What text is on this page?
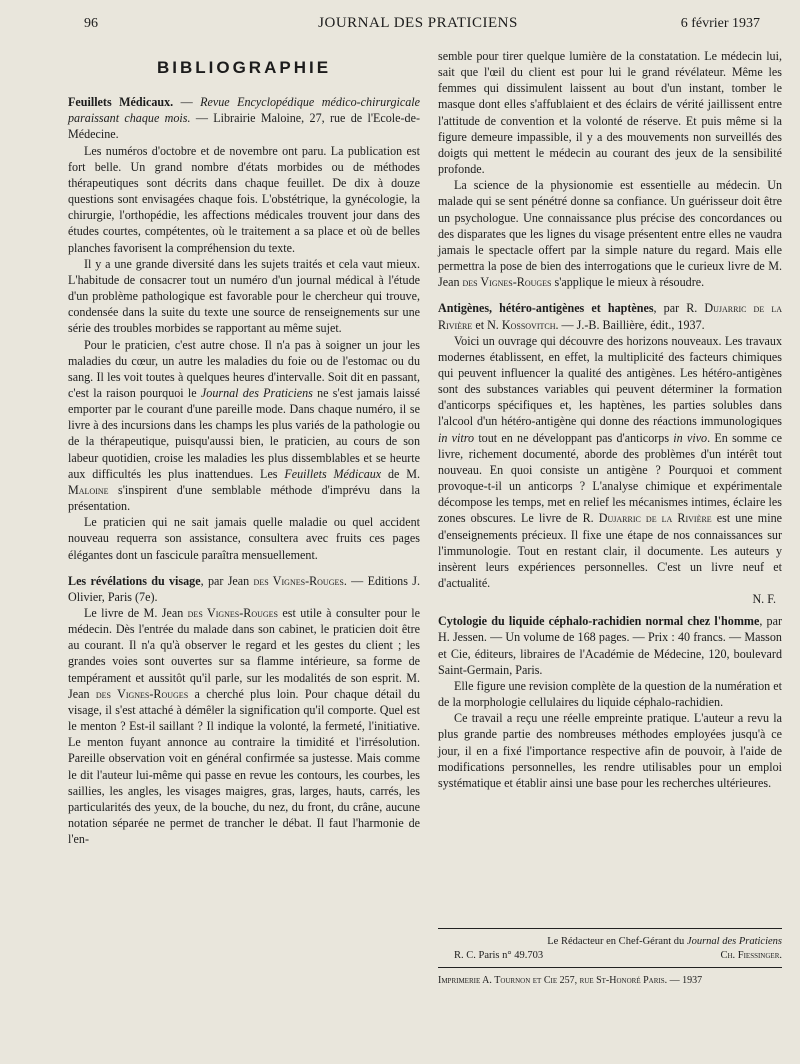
96	JOURNAL DES PRATICIENS	6 février 1937
BIBLIOGRAPHIE

Feuillets Médicaux. — Revue Encyclopédique médico-chirurgicale paraissant chaque mois. — Librairie Maloine, 27, rue de l'Ecole-de-Médecine.

Les numéros d'octobre et de novembre ont paru. La publication est fort belle. Un grand nombre d'états morbides ou de méthodes thérapeutiques sont décrits dans chaque feuillet. De dix à douze questions sont envisagées chaque fois. L'obstétrique, la gynécologie, la chirurgie, l'orthopédie, les affections médicales trouvent jour dans des études courtes, compétentes, où le traitement a sa place et où de belles planches favorisent la compréhension du texte.

Il y a une grande diversité dans les sujets traités et cela vaut mieux. L'habitude de consacrer tout un numéro d'un journal médical à l'étude d'un problème pathologique est favorable pour le chercheur qui trouve, condensée dans la suite du texte une source de renseignements sur une série des troubles morbides se rapportant au même sujet.

Pour le praticien, c'est autre chose. Il n'a pas à soigner un jour les maladies du cœur, un autre les maladies du foie ou de l'estomac ou du sang. Il les voit toutes à quelques heures d'intervalle. Soit dit en passant, c'est la raison pourquoi le Journal des Praticiens ne s'est jamais laissé emporter par le courant d'une pareille mode. Dans chaque numéro, il se livre à des incursions dans les champs les plus variés de la pathologie ou de la thérapeutique, puisqu'aussi bien, le praticien, au cours de son labeur quotidien, croise les maladies les plus dissemblables et se heurte aux difficultés les plus inattendues. Les Feuillets Médicaux de M. Maloine s'inspirent d'une semblable méthode d'imprévu dans la présentation.

Le praticien qui ne sait jamais quelle maladie ou quel accident nouveau requerra son assistance, consultera avec fruits ces pages élégantes dont un fascicule paraîtra mensuellement.

Les révélations du visage, par Jean des Vignes-Rouges. — Editions J. Olivier, Paris (7e).

Le livre de M. Jean des Vignes-Rouges est utile à consulter pour le médecin. Dès l'entrée du malade dans son cabinet, le praticien doit être au courant. Il n'a qu'à observer le regard et les gestes du client ; les grandes voies sont ouvertes sur sa flamme intérieure, sa forme de tempérament et aussitôt qu'il parle, sur les modalités de son esprit. M. Jean des Vignes-Rouges a cherché plus loin. Pour chaque détail du visage, il s'est attaché à démêler la signification qu'il comporte. Quel est le menton ? Est-il saillant ? Il indique la volonté, la fermeté, l'initiative. Le menton fuyant annonce au contraire la timidité et l'irrésolution. Pareille observation voit en général confirmée sa justesse. Mais comme le dit l'auteur lui-même qui passe en revue les contours, les courbes, les saillies, les angles, les visages maigres, gras, larges, hauts, carrés, les particularités des yeux, de la bouche, du nez, du front, du crâne, aucune notation séparée ne permet de trancher le débat. Il faut l'harmonie de l'en-

semble pour tirer quelque lumière de la constatation. Le médecin lui, sait que l'œil du client est pour lui le grand révélateur. Même les femmes qui dissimulent laissent au bout d'un instant, tomber le masque dont elles s'affublaient et des éclairs de vérité jaillissent entre l'attitude de convention et la volonté de réserve. Et puis même si la figure demeure impassible, il y a des mouvements non surveillés des doigts qui mettent le médecin au courant des jeux de la sensibilité profonde.

La science de la physionomie est essentielle au médecin. Un malade qui se sent pénétré donne sa confiance. Un guérisseur doit être un psychologue. Une connaissance plus précise des concordances ou des disparates que les lignes du visage présentent entre elles ne vaudra jamais le spectacle offert par la simple nature du regard. Mais elle permettra la pose de bien des interrogations que le curieux livre de M. Jean des Vignes-Rouges s'applique le mieux à résoudre.

Antigènes, hétéro-antigènes et haptènes, par R. Dujarric de la Rivière et N. Kossovitch. — J.-B. Baillière, édit., 1937.

Voici un ouvrage qui découvre des horizons nouveaux. Les travaux modernes établissent, en effet, la multiplicité des facteurs chimiques qui peuvent influencer la qualité des antigènes. Les hétéro-antigènes sont des substances variables qui peuvent déterminer la formation d'anticorps spécifiques et, les haptènes, les parties solubles dans l'alcool d'un hétéro-antigène qui donne des réactions immunologiques in vitro tout en ne développant pas d'anticorps in vivo. En somme ce livre, richement documenté, aborde des problèmes d'un intérêt tout nouveau. En quoi consiste un antigène ? Pourquoi et comment provoque-t-il un anticorps ? L'analyse chimique et expérimentale décompose les temps, met en relief les mécanismes intimes, éclaire les zones obscures. Le livre de R. Dujarric de la Rivière est une mine d'enseignements précieux. Il fixe une étape de nos connaissances sur l'immunologie. Tout en restant clair, il documente. Les auteurs y insèrent leurs expériences personnelles. C'est un livre neuf et d'actualité.

N. F.

Cytologie du liquide céphalo-rachidien normal chez l'homme, par H. Jessen. — Un volume de 168 pages. — Prix : 40 francs. — Masson et Cie, éditeurs, libraires de l'Académie de Médecine, 120, boulevard Saint-Germain, Paris.

Elle figure une revision complète de la question de la numération et de la morphologie cellulaires du liquide céphalo-rachidien.

Ce travail a reçu une réelle empreinte pratique. L'auteur a revu la plus grande partie des nombreuses méthodes employées jusqu'à ce jour, il en a fixé l'importance respective afin de pouvoir, à l'aide de modifications personnelles, les rendre utilisables pour un emploi systématique et établir ainsi une base pour les recherches ultérieures.

Le Rédacteur en Chef-Gérant du Journal des Praticiens
R. C. Paris n° 49.703	Ch. Fiessinger.
Imprimerie A. Tournon et Cie 257, rue St-Honoré Paris. — 1937
